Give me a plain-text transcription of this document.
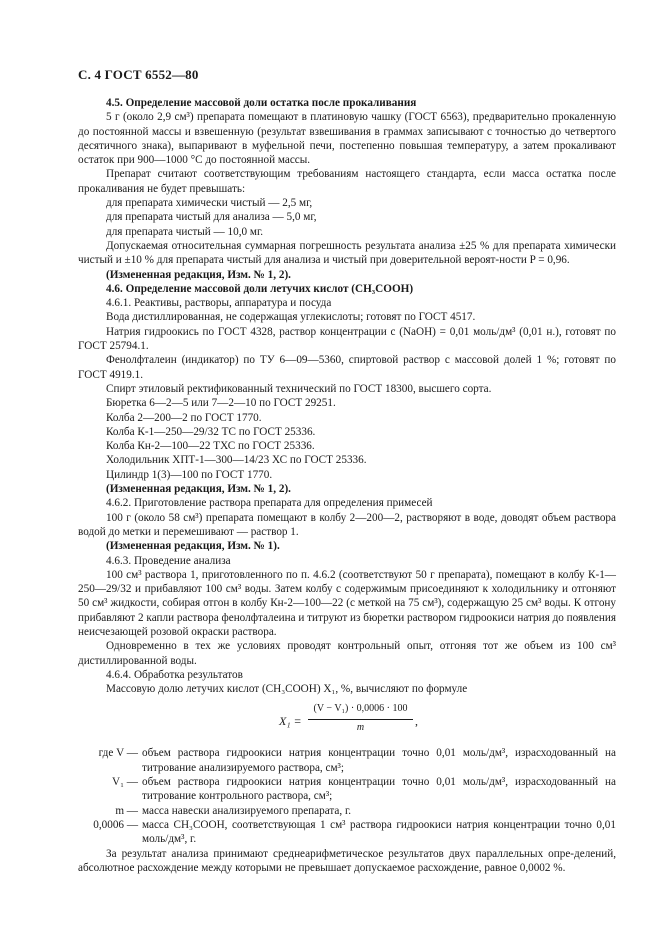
С. 4 ГОСТ 6552—80

4.5. Определение массовой доли остатка после прокаливания

5 г (около 2,9 см³) препарата помещают в платиновую чашку (ГОСТ 6563), предварительно прокаленную до постоянной массы и взвешенную (результат взвешивания в граммах записывают с точностью до четвертого десятичного знака), выпаривают в муфельной печи, постепенно повышая температуру, а затем прокаливают остаток при 900—1000 °С до постоянной массы.

Препарат считают соответствующим требованиям настоящего стандарта, если масса остатка после прокаливания не будет превышать:

для препарата химически чистый — 2,5 мг,

для препарата чистый для анализа — 5,0 мг,

для препарата чистый — 10,0 мг.

Допускаемая относительная суммарная погрешность результата анализа ±25 % для препарата химически чистый и ±10 % для препарата чистый для анализа и чистый при доверительной вероят-ности P = 0,96.

(Измененная редакция, Изм. № 1, 2).

4.6. Определение массовой доли летучих кислот (CH₃COOH)

4.6.1. Реактивы, растворы, аппаратура и посуда

Вода дистиллированная, не содержащая углекислоты; готовят по ГОСТ 4517.

Натрия гидроокись по ГОСТ 4328, раствор концентрации c (NaOH) = 0,01 моль/дм³ (0,01 н.), готовят по ГОСТ 25794.1.

Фенолфталеин (индикатор) по ТУ 6—09—5360, спиртовой раствор с массовой долей 1 %; готовят по ГОСТ 4919.1.

Спирт этиловый ректификованный технический по ГОСТ 18300, высшего сорта.

Бюретка 6—2—5 или 7—2—10 по ГОСТ 29251.

Колба 2—200—2 по ГОСТ 1770.

Колба К-1—250—29/32 ТС по ГОСТ 25336.

Колба Кн-2—100—22 ТХС по ГОСТ 25336.

Холодильник ХПТ-1—300—14/23 ХС по ГОСТ 25336.

Цилиндр 1(3)—100 по ГОСТ 1770.

(Измененная редакция, Изм. № 1, 2).

4.6.2. Приготовление раствора препарата для определения примесей

100 г (около 58 см³) препарата помещают в колбу 2—200—2, растворяют в воде, доводят объем раствора водой до метки и перемешивают — раствор 1.

(Измененная редакция, Изм. № 1).

4.6.3. Проведение анализа

100 см³ раствора 1, приготовленного по п. 4.6.2 (соответствуют 50 г препарата), помещают в колбу К-1—250—29/32 и прибавляют 100 см³ воды. Затем колбу с содержимым присоединяют к холодильнику и отгоняют 50 см³ жидкости, собирая отгон в колбу Кн-2—100—22 (с меткой на 75 см³), содержащую 25 см³ воды. К отгону прибавляют 2 капли раствора фенолфталеина и титруют из бюретки раствором гидроокиси натрия до появления неисчезающей розовой окраски раствора.

Одновременно в тех же условиях проводят контрольный опыт, отгоняя тот же объем из 100 см³ дистиллированной воды.

4.6.4. Обработка результатов

Массовую долю летучих кислот (CH₃COOH) X₁, %, вычисляют по формуле

$X_1 = \frac{\text{(V − V₁) · 0,0006 · 100}}{m}$ ,
где V — объем раствора гидроокиси натрия концентрации точно 0,01 моль/дм³, израсходованный на титрование анализируемого раствора, см³;
V₁ — объем раствора гидроокиси натрия концентрации точно 0,01 моль/дм³, израсходованный на титрование контрольного раствора, см³;
m — масса навески анализируемого препарата, г.
0,0006 — масса CH₃COOH, соответствующая 1 см³ раствора гидроокиси натрия концентрации точно 0,01 моль/дм³, г.

За результат анализа принимают среднеарифметическое результатов двух параллельных опре-делений, абсолютное расхождение между которыми не превышает допускаемое расхождение, равное 0,0002 %.
